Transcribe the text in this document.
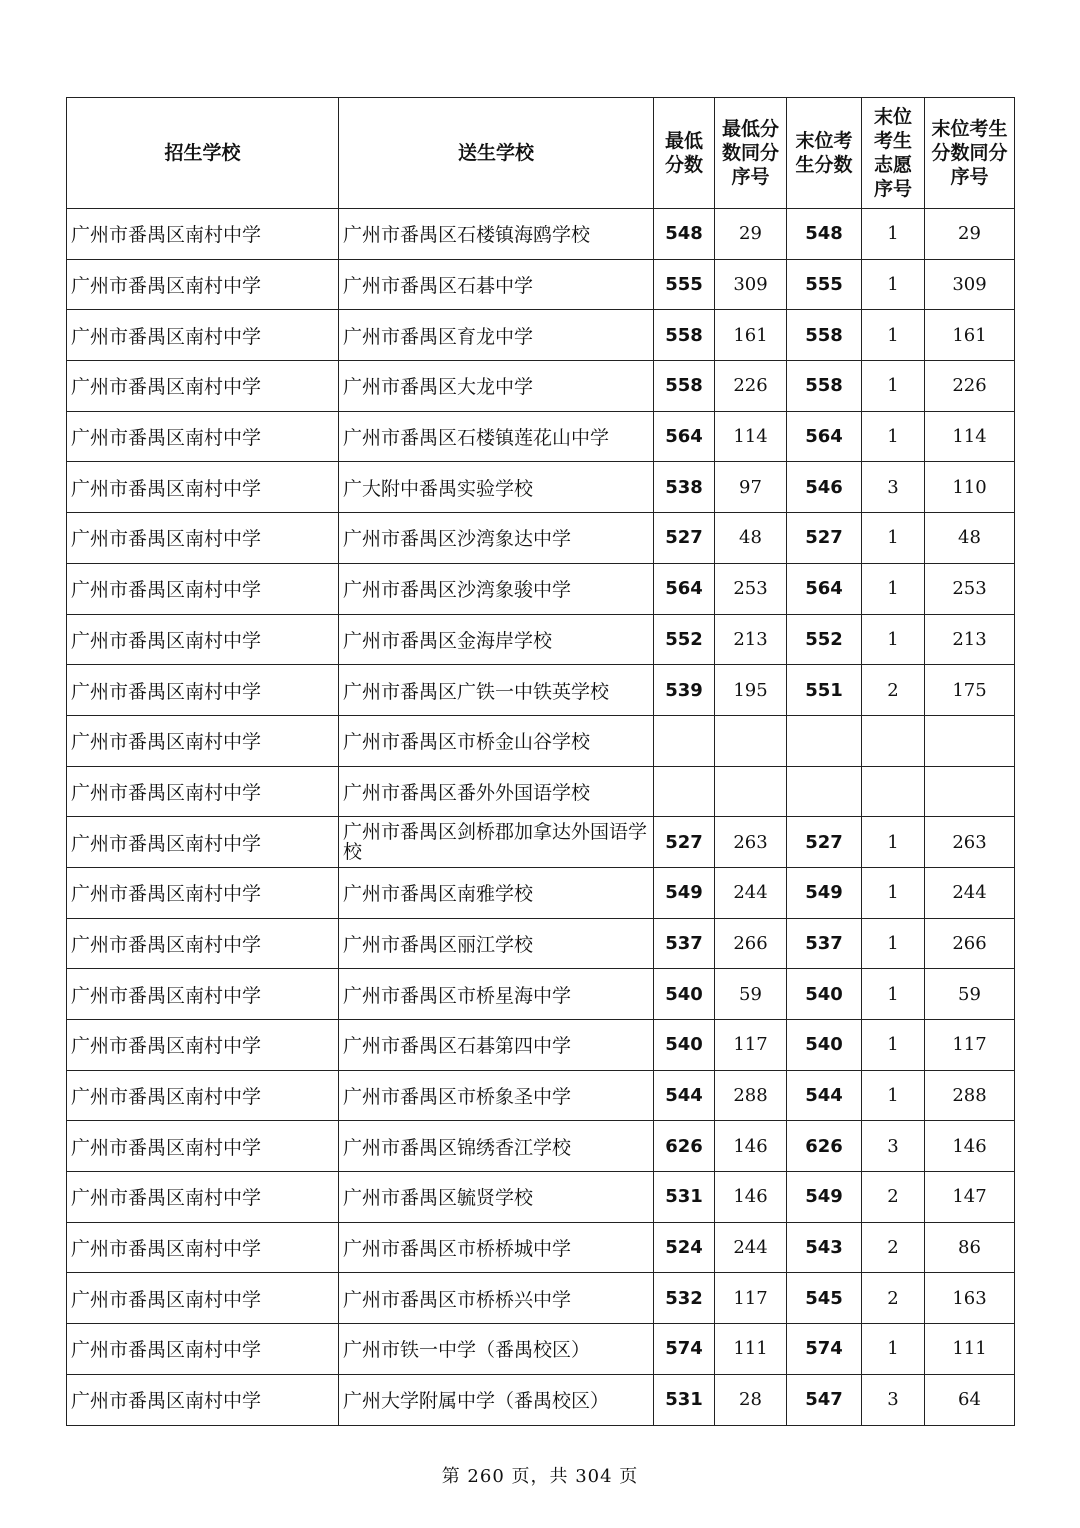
招生学校	送生学校	最低分数	最低分数同分序号	末位考生分数	末位考生志愿序号	末位考生分数同分序号

广州市番禺区南村中学	广州市番禺区石楼镇海鸥学校	548	29	548	1	29
广州市番禺区南村中学	广州市番禺区石碁中学	555	309	555	1	309
广州市番禺区南村中学	广州市番禺区育龙中学	558	161	558	1	161
广州市番禺区南村中学	广州市番禺区大龙中学	558	226	558	1	226
广州市番禺区南村中学	广州市番禺区石楼镇莲花山中学	564	114	564	1	114
广州市番禺区南村中学	广大附中番禺实验学校	538	97	546	3	110
广州市番禺区南村中学	广州市番禺区沙湾象达中学	527	48	527	1	48
广州市番禺区南村中学	广州市番禺区沙湾象骏中学	564	253	564	1	253
广州市番禺区南村中学	广州市番禺区金海岸学校	552	213	552	1	213
广州市番禺区南村中学	广州市番禺区广铁一中铁英学校	539	195	551	2	175
广州市番禺区南村中学	广州市番禺区市桥金山谷学校					
广州市番禺区南村中学	广州市番禺区番外外国语学校					
广州市番禺区南村中学	广州市番禺区剑桥郡加拿达外国语学校	527	263	527	1	263
广州市番禺区南村中学	广州市番禺区南雅学校	549	244	549	1	244
广州市番禺区南村中学	广州市番禺区丽江学校	537	266	537	1	266
广州市番禺区南村中学	广州市番禺区市桥星海中学	540	59	540	1	59
广州市番禺区南村中学	广州市番禺区石碁第四中学	540	117	540	1	117
广州市番禺区南村中学	广州市番禺区市桥象圣中学	544	288	544	1	288
广州市番禺区南村中学	广州市番禺区锦绣香江学校	626	146	626	3	146
广州市番禺区南村中学	广州市番禺区毓贤学校	531	146	549	2	147
广州市番禺区南村中学	广州市番禺区市桥桥城中学	524	244	543	2	86
广州市番禺区南村中学	广州市番禺区市桥桥兴中学	532	117	545	2	163
广州市番禺区南村中学	广州市铁一中学（番禺校区）	574	111	574	1	111
广州市番禺区南村中学	广州大学附属中学（番禺校区）	531	28	547	3	64
第 260 页，共 304 页
